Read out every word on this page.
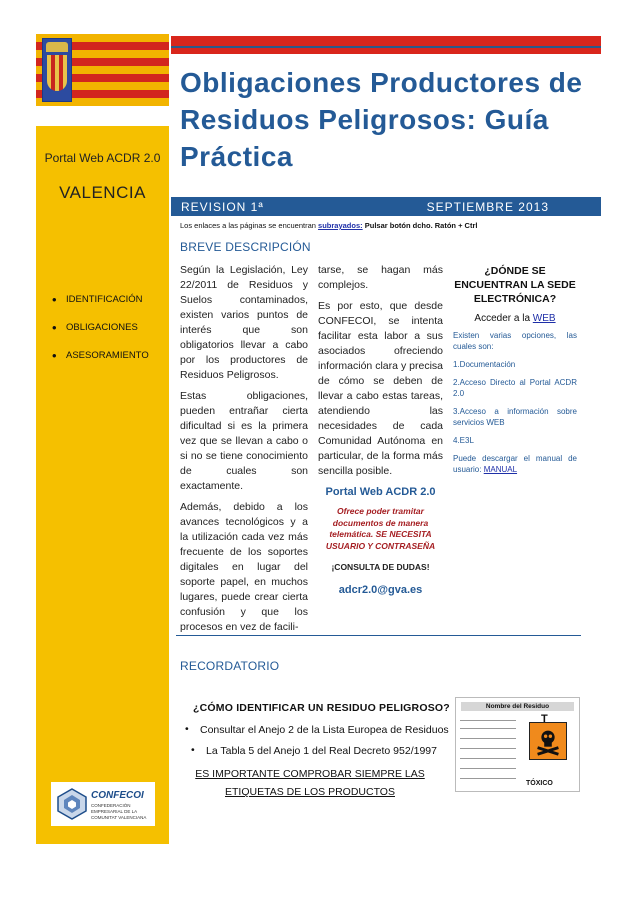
Portal Web ACDR 2.0
VALENCIA
• IDENTIFICACIÓN
• OBLIGACIONES
• ASESORAMIENTO
CONFECOI
CONFEDERACIÓN EMPRESARIAL DE LA COMUNITAT VALENCIANA
Obligaciones Productores de Residuos Peligrosos: Guía Práctica
REVISION 1ª	SEPTIEMBRE 2013
Los enlaces a las páginas se encuentran subrayados: Pulsar botón dcho. Ratón + Ctrl
BREVE DESCRIPCIÓN

Según la Legislación, Ley 22/2011 de Residuos y Suelos contaminados, existen varios puntos de interés que son obligatorios llevar a cabo por los productores de Residuos Peligrosos.

Estas obligaciones, pueden entrañar cierta dificultad si es la primera vez que se llevan a cabo o si no se tiene conocimiento de cuales son exactamente.

Además, debido a los avances tecnológicos y a la utilización cada vez más frecuente de los soportes digitales en lugar del soporte papel, en muchos lugares, puede crear cierta confusión y que los procesos en vez de facili-

tarse, se hagan más complejos.

Es por esto, que desde CONFECOI, se intenta facilitar esta labor a sus asociados ofreciendo información clara y precisa de cómo se deben de llevar a cabo estas tareas, atendiendo las necesidades de cada Comunidad Autónoma en particular, de la forma más sencilla posible.

Portal Web ACDR 2.0
Ofrece poder tramitar documentos de manera telemática. SE NECESITA USUARIO Y CONTRASEÑA
¡CONSULTA DE DUDAS!
adcr2.0@gva.es
¿DÓNDE SE ENCUENTRAN LA SEDE ELECTRÓNICA?
Acceder a la WEB
Existen varias opciones, las cuales son:
1.Documentación
2.Acceso Directo al Portal ACDR 2.0
3.Acceso a información sobre servicios WEB
4.E3L
Puede descargar el manual de usuario: MANUAL
RECORDATORIO
¿CÓMO IDENTIFICAR UN RESIDUO PELIGROSO?
• Consultar el Anejo 2 de la Lista Europea de Residuos
• La Tabla 5 del Anejo 1 del Real Decreto 952/1997
ES IMPORTANTE COMPROBAR SIEMPRE LAS ETIQUETAS DE LOS PRODUCTOS
Nombre del Residuo
T
TÓXICO
